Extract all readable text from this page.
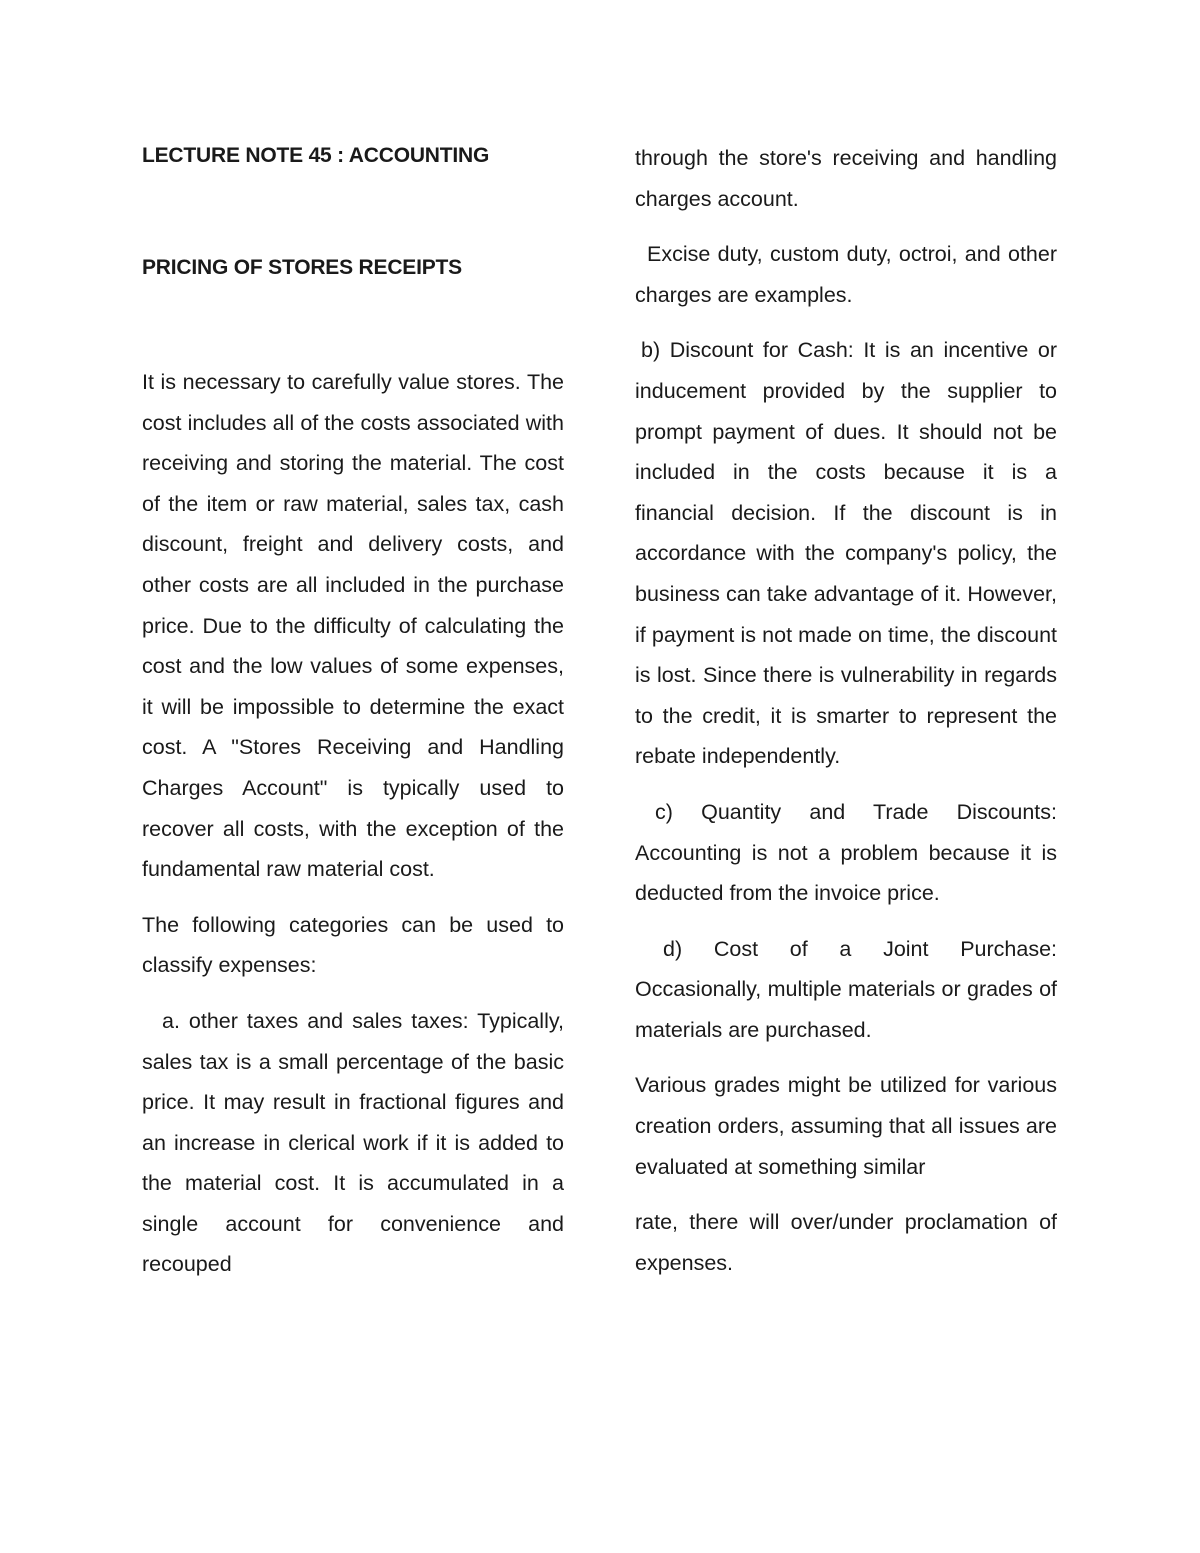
LECTURE NOTE 45 : ACCOUNTING
PRICING OF STORES RECEIPTS

It is necessary to carefully value stores. The cost includes all of the costs associated with receiving and storing the material. The cost of the item or raw material, sales tax, cash discount, freight and delivery costs, and other costs are all included in the purchase price. Due to the difficulty of calculating the cost and the low values of some expenses, it will be impossible to determine the exact cost. A "Stores Receiving and Handling Charges Account" is typically used to recover all costs, with the exception of the fundamental raw material cost.

The following categories can be used to classify expenses:

a. other taxes and sales taxes: Typically, sales tax is a small percentage of the basic price. It may result in fractional figures and an increase in clerical work if it is added to the material cost. It is accumulated in a single account for convenience and recouped

through the store's receiving and handling charges account.

Excise duty, custom duty, octroi, and other charges are examples.

b) Discount for Cash: It is an incentive or inducement provided by the supplier to prompt payment of dues. It should not be included in the costs because it is a financial decision. If the discount is in accordance with the company's policy, the business can take advantage of it. However, if payment is not made on time, the discount is lost. Since there is vulnerability in regards to the credit, it is smarter to represent the rebate independently.

c) Quantity and Trade Discounts: Accounting is not a problem because it is deducted from the invoice price.

d) Cost of a Joint Purchase: Occasionally, multiple materials or grades of materials are purchased.

Various grades might be utilized for various creation orders, assuming that all issues are evaluated at something similar

rate, there will over/under proclamation of expenses.
